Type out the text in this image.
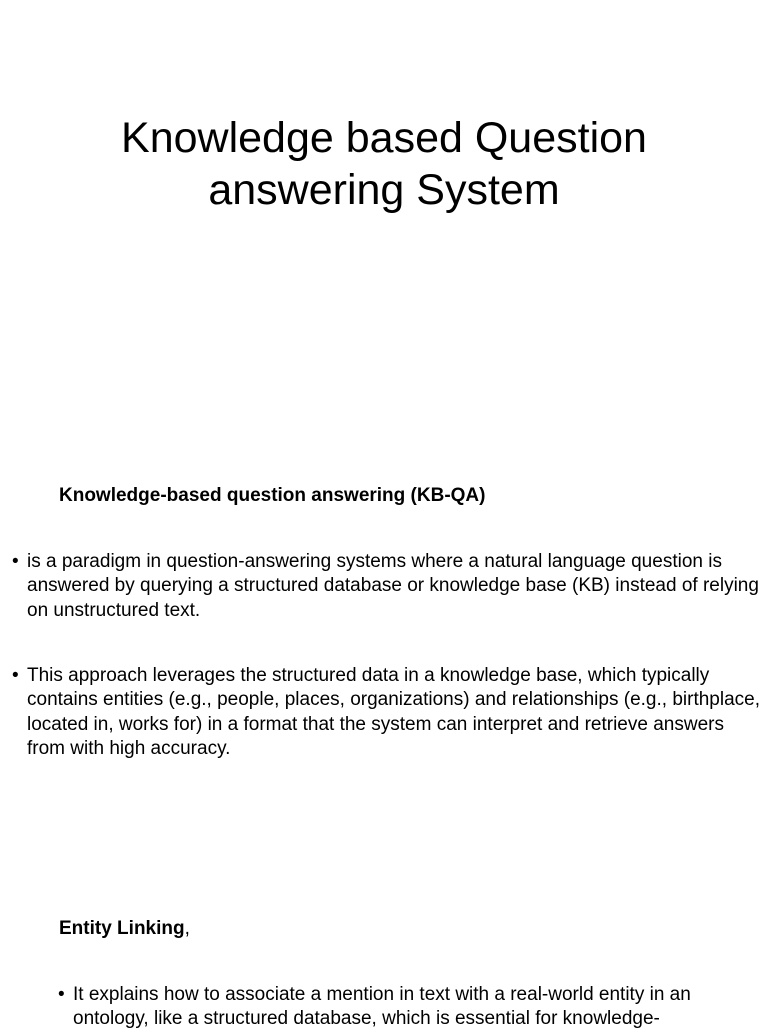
Knowledge based Question
answering System

Knowledge-based question answering (KB-QA)

• is a paradigm in question-answering systems where a natural language question is answered by querying a structured database or knowledge base (KB) instead of relying on unstructured text.

• This approach leverages the structured data in a knowledge base, which typically contains entities (e.g., people, places, organizations) and relationships (e.g., birthplace, located in, works for) in a format that the system can interpret and retrieve answers from with high accuracy.

Entity Linking,

• It explains how to associate a mention in text with a real-world entity in an ontology, like a structured database, which is essential for knowledge-
